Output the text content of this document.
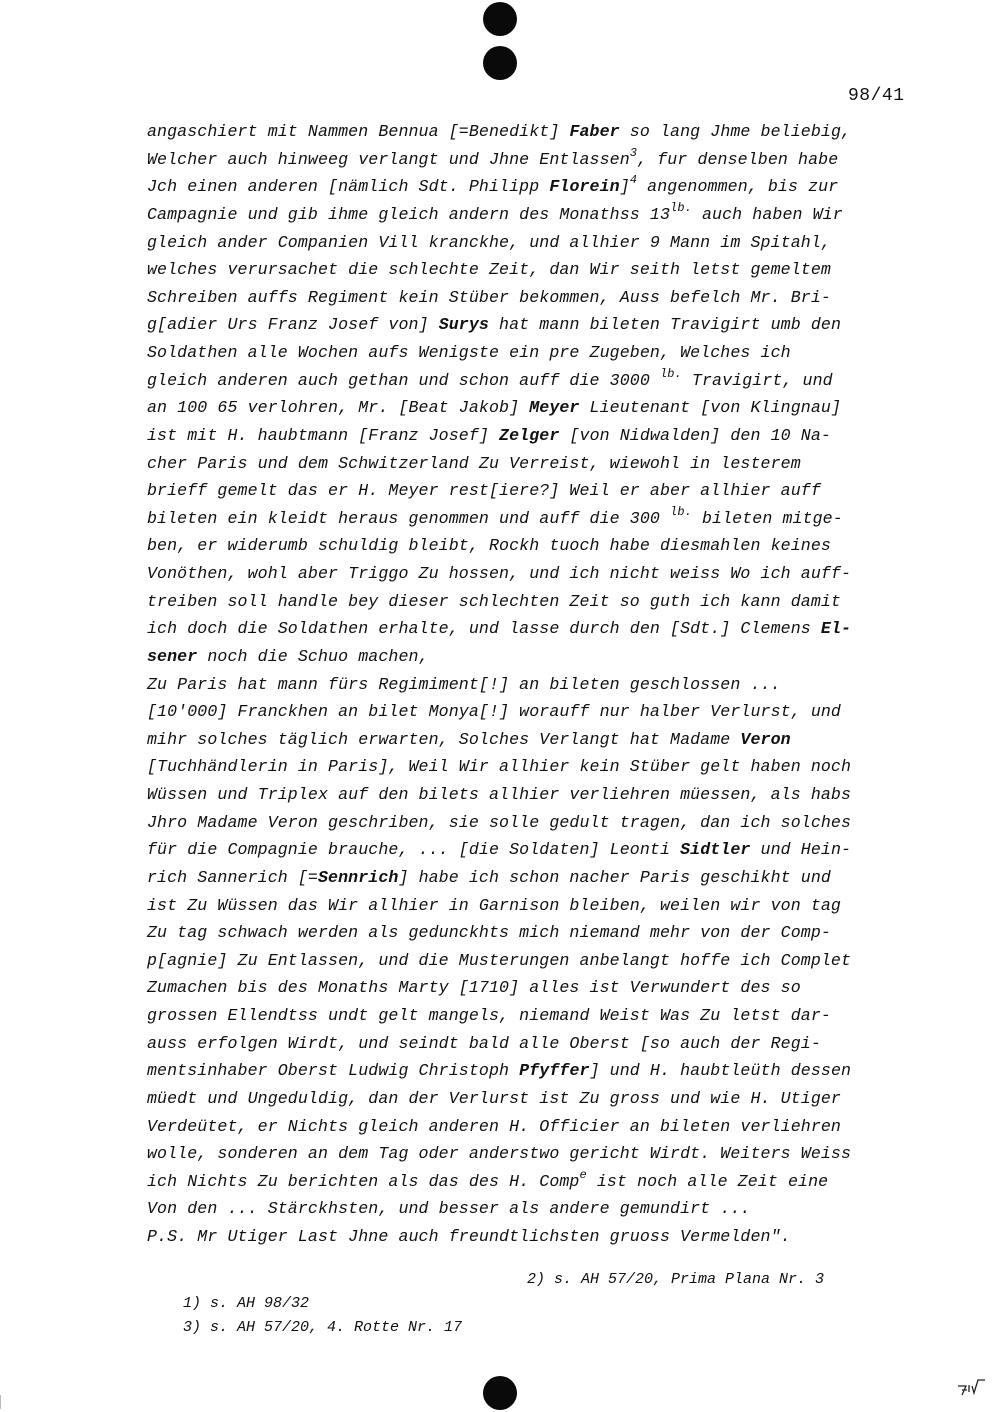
98/41
angaschiert mit Nammen Bennua [=Benedikt] Faber so lang Jhme beliebig,
Welcher auch hinweeg verlangt und Jhne Entlassen$^3$, fur denselben habe
Jch einen anderen [nämlich Sdt. Philipp Florein]$^4$ angenommen, bis zur
Campagnie und gib ihme gleich andern des Monathss $13^{lb.}$ auch haben Wir
gleich ander Companien Vill kranckhe, und allhier 9 Mann im Spitahl,
welches verursachet die schlechte Zeit, dan Wir seith letst gemeltem
Schreiben auffs Regiment kein Stüber bekommen, Auss befelch Mr. Bri-
g[adier Urs Franz Josef von] Surys hat mann bileten Travigirt umb den
Soldathen alle Wochen aufs Wenigste ein pre Zugeben, Welches ich
gleich anderen auch gethan und schon auff die 3000 $^{lb.}$ Travigirt, und
an 100 65 verlohren, Mr. [Beat Jakob] Meyer Lieutenant [von Klingnau]
ist mit H. haubtmann [Franz Josef] Zelger [von Nidwalden] den 10 Na-
cher Paris und dem Schwitzerland Zu Verreist, wiewohl in lesterem
brieff gemelt das er H. Meyer rest[iere?] Weil er aber allhier auff
bileten ein kleidt heraus genommen und auff die 300 $^{lb.}$ bileten mitge-
ben, er widerumb schuldig bleibt, Rockh tuoch habe diesmahlen keines
Vonöthen, wohl aber Triggo Zu hossen, und ich nicht weiss Wo ich auff-
treiben soll handle bey dieser schlechten Zeit so guth ich kann damit
ich doch die Soldathen erhalte, und lasse durch den [Sdt.] Clemens El-
sener noch die Schuo machen,
Zu Paris hat mann fürs Regimiment[!] an bileten geschlossen ...
[10'000] Franckhen an bilet Monya[!] worauff nur halber Verlurst, und
mihr solches täglich erwarten, Solches Verlangt hat Madame Veron
[Tuchhändlerin in Paris], Weil Wir allhier kein Stüber gelt haben noch
Wüssen und Triplex auf den bilets allhier verliehren müessen, als habs
Jhro Madame Veron geschriben, sie solle gedult tragen, dan ich solches
für die Compagnie brauche, ... [die Soldaten] Leonti Sidtler und Hein-
rich Sannerich [=Sennrich] habe ich schon nacher Paris geschikht und
ist Zu Wüssen das Wir allhier in Garnison bleiben, weilen wir von tag
Zu tag schwach werden als gedunckhts mich niemand mehr von der Comp-
p[agnie] Zu Entlassen, und die Musterungen anbelangt hoffe ich Complet
Zumachen bis des Monaths Marty [1710] alles ist Verwundert des so
grossen Ellendtss undt gelt mangels, niemand Weist Was Zu letst dar-
auss erfolgen Wirdt, und seindt bald alle Oberst [so auch der Regi-
mentsinhaber Oberst Ludwig Christoph Pfyffer] und H. haubtleüth dessen
müedt und Ungeduldig, dan der Verlurst ist Zu gross und wie H. Utiger
Verdeütet, er Nichts gleich anderen H. Officier an bileten verliehren
wolle, sonderen an dem Tag oder anderstwo gericht Wirdt. Weiters Weiss
ich Nichts Zu berichten als das des H. Comp$^e$ ist noch alle Zeit eine
Von den ... Stärckhsten, und besser als andere gemundirt ...
P.S. Mr Utiger Last Jhne auch freundtlichsten gruoss Vermelden".

1) s. AH 98/32

2) s. AH 57/20, Prima Plana Nr. 3

3) s. AH 57/20, 4. Rotte Nr. 17
